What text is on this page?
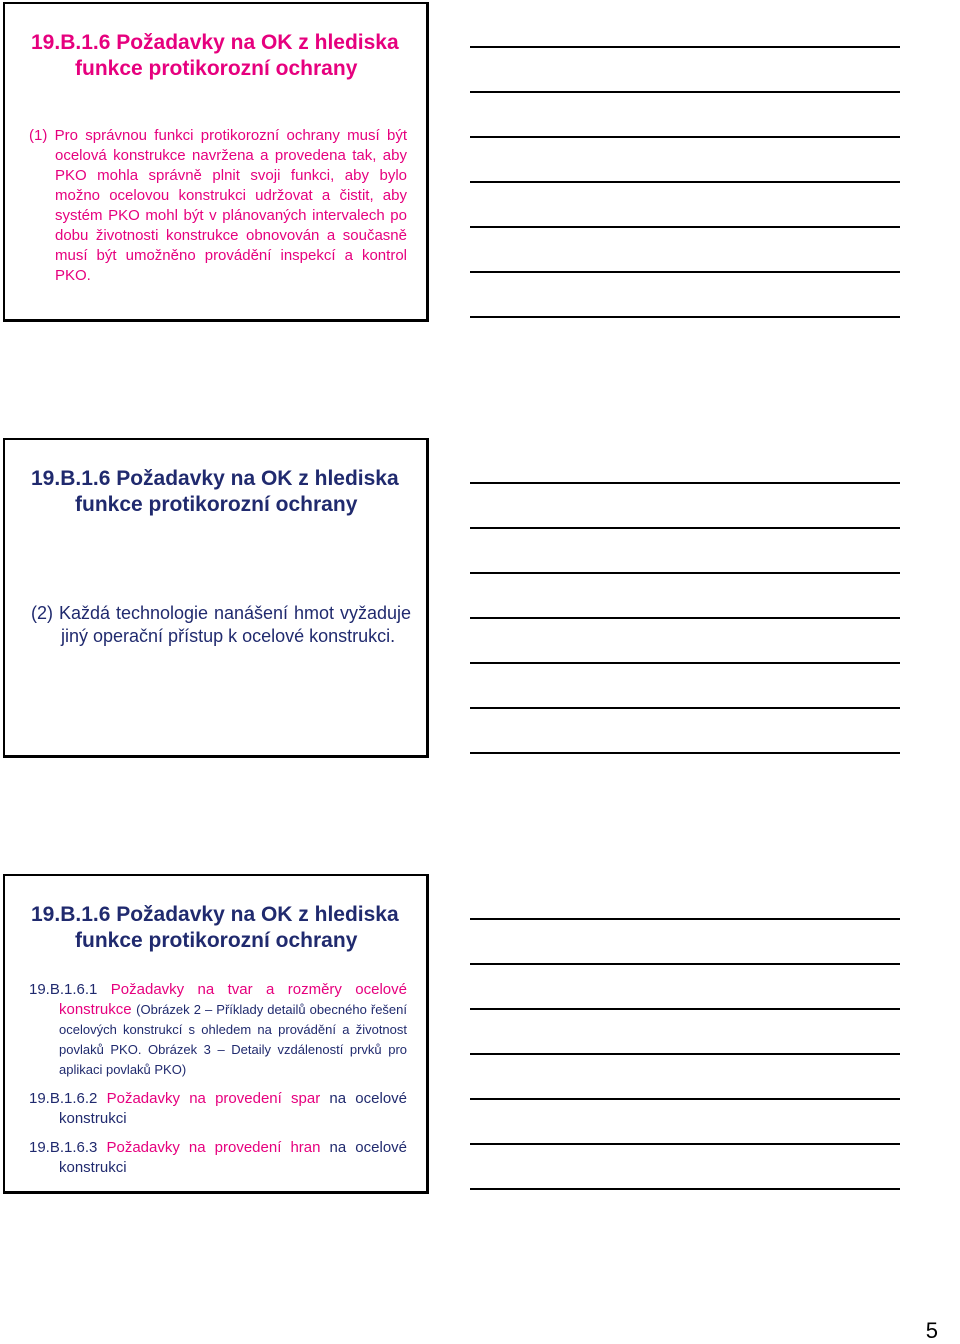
19.B.1.6 Požadavky na OK z hlediska
funkce protikorozní ochrany
(1) Pro správnou funkci protikorozní ochrany musí být ocelová konstrukce navržena a provedena tak, aby PKO mohla správně plnit svoji funkci, aby bylo možno ocelovou konstrukci udržovat a čistit, aby systém PKO mohl být v plánovaných intervalech po dobu životnosti konstrukce obnovován a současně musí být umožněno provádění inspekcí a kontrol PKO.
19.B.1.6 Požadavky na OK z hlediska
funkce protikorozní ochrany
(2) Každá technologie nanášení hmot vyžaduje jiný operační přístup k ocelové konstrukci.
19.B.1.6 Požadavky na OK z hlediska
funkce protikorozní ochrany
19.B.1.6.1 Požadavky na tvar a rozměry ocelové konstrukce (Obrázek 2 – Příklady detailů obecného řešení ocelových konstrukcí s ohledem na provádění a životnost povlaků PKO. Obrázek 3 – Detaily vzdáleností prvků pro aplikaci povlaků PKO)
19.B.1.6.2 Požadavky na provedení spar na ocelové konstrukci
19.B.1.6.3 Požadavky na provedení hran na ocelové konstrukci
5
